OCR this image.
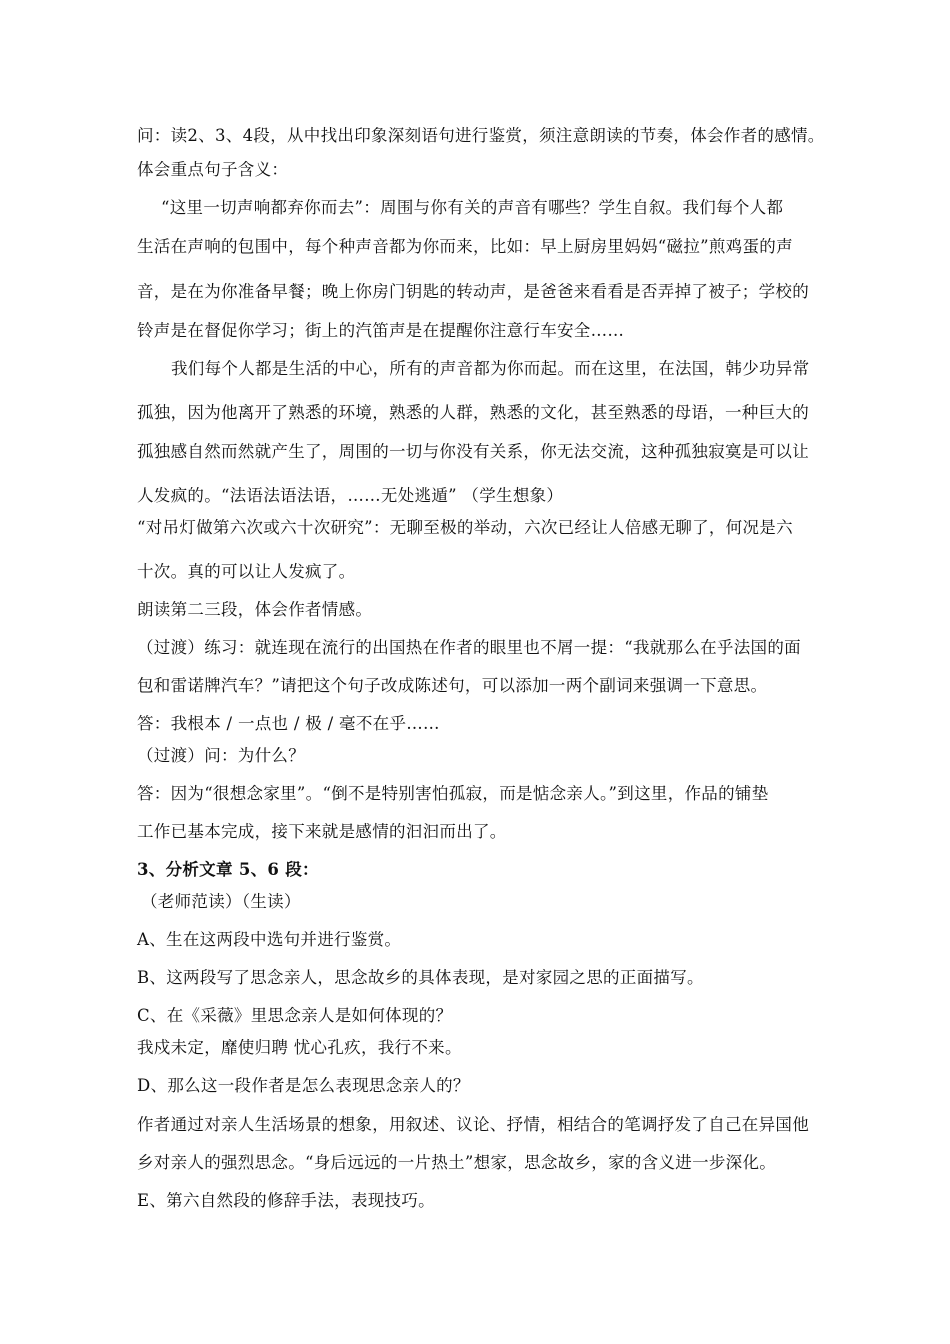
问：读2、3、4段，从中找出印象深刻语句进行鉴赏，须注意朗读的节奏，体会作者的感情。
体会重点句子含义：
“这里一切声响都弃你而去”：周围与你有关的声音有哪些？学生自叙。我们每个人都
生活在声响的包围中，每个种声音都为你而来，比如：早上厨房里妈妈“磁拉”煎鸡蛋的声
音，是在为你准备早餐；晚上你房门钥匙的转动声，是爸爸来看看是否弄掉了被子；学校的
铃声是在督促你学习；街上的汽笛声是在提醒你注意行车安全……
我们每个人都是生活的中心，所有的声音都为你而起。而在这里，在法国，韩少功异常
孤独，因为他离开了熟悉的环境，熟悉的人群，熟悉的文化，甚至熟悉的母语，一种巨大的
孤独感自然而然就产生了，周围的一切与你没有关系，你无法交流，这种孤独寂寞是可以让
人发疯的。“法语法语法语，……无处逃遁” （学生想象）
“对吊灯做第六次或六十次研究”：无聊至极的举动，六次已经让人倍感无聊了，何况是六
十次。真的可以让人发疯了。
朗读第二三段，体会作者情感。
（过渡）练习：就连现在流行的出国热在作者的眼里也不屑一提：“我就那么在乎法国的面
包和雷诺牌汽车？”请把这个句子改成陈述句，可以添加一两个副词来强调一下意思。
答：我根本 / 一点也 / 极 / 毫不在乎……
（过渡）问：为什么？
答：因为“很想念家里”。“倒不是特别害怕孤寂，而是惦念亲人。”到这里，作品的铺垫
工作已基本完成，接下来就是感情的汩汩而出了。
3、分析文章 5、6 段：
（老师范读）（生读）
A、生在这两段中选句并进行鉴赏。
B、这两段写了思念亲人，思念故乡的具体表现，是对家园之思的正面描写。
C、在《采薇》里思念亲人是如何体现的？
我戍未定，靡使归聘 忧心孔疚，我行不来。
D、那么这一段作者是怎么表现思念亲人的？
作者通过对亲人生活场景的想象，用叙述、议论、抒情，相结合的笔调抒发了自己在异国他
乡对亲人的强烈思念。“身后远远的一片热土”想家，思念故乡，家的含义进一步深化。
E、第六自然段的修辞手法，表现技巧。
